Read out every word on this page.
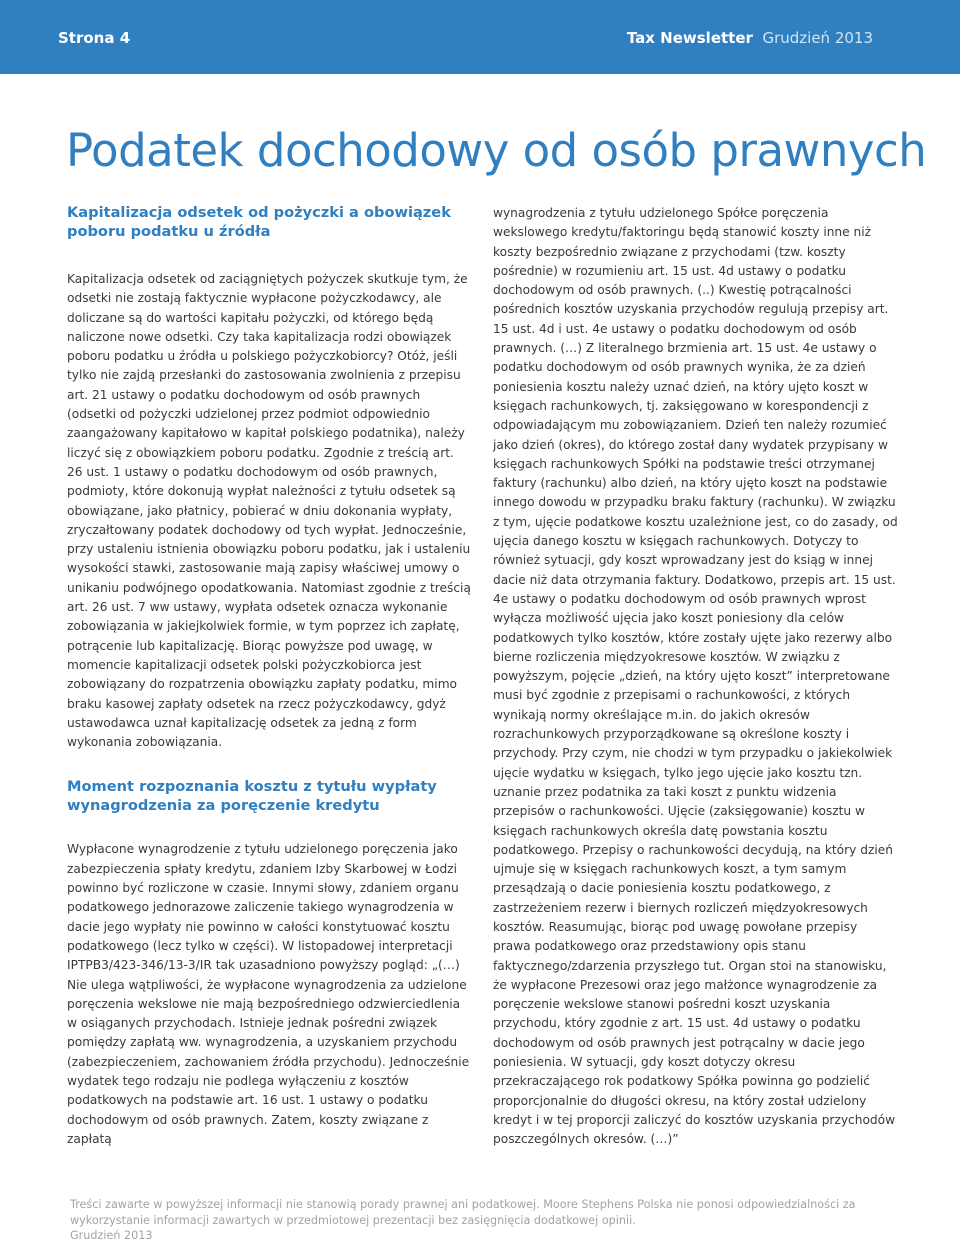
Strona 4	Tax Newsletter Grudzień 2013
Podatek dochodowy od osób prawnych
Kapitalizacja odsetek od pożyczki a obowiązek poboru podatku u źródła

Kapitalizacja odsetek od zaciągniętych pożyczek skutkuje tym, że odsetki nie zostają faktycznie wypłacone pożyczkodawcy, ale doliczane są do wartości kapitału pożyczki, od którego będą naliczone nowe odsetki. Czy taka kapitalizacja rodzi obowiązek poboru podatku u źródła u polskiego pożyczkobiorcy? Otóż, jeśli tylko nie zajdą przesłanki do zastosowania zwolnienia z przepisu art. 21 ustawy o podatku dochodowym od osób prawnych (odsetki od pożyczki udzielonej przez podmiot odpowiednio zaangażowany kapitałowo w kapitał polskiego podatnika), należy liczyć się z obowiązkiem poboru podatku. Zgodnie z treścią art. 26 ust. 1 ustawy o podatku dochodowym od osób prawnych, podmioty, które dokonują wypłat należności z tytułu odsetek są obowiązane, jako płatnicy, pobierać w dniu dokonania wypłaty, zryczałtowany podatek dochodowy od tych wypłat. Jednocześnie, przy ustaleniu istnienia obowiązku poboru podatku, jak i ustaleniu wysokości stawki, zastosowanie mają zapisy właściwej umowy o unikaniu podwójnego opodatkowania. Natomiast zgodnie z treścią art. 26 ust. 7 ww ustawy, wypłata odsetek oznacza wykonanie zobowiązania w jakiejkolwiek formie, w tym poprzez ich zapłatę, potrącenie lub kapitalizację. Biorąc powyższe pod uwagę, w momencie kapitalizacji odsetek polski pożyczkobiorca jest zobowiązany do rozpatrzenia obowiązku zapłaty podatku, mimo braku kasowej zapłaty odsetek na rzecz pożyczkodawcy, gdyż ustawodawca uznał kapitalizację odsetek za jedną z form wykonania zobowiązania.

Moment rozpoznania kosztu z tytułu wypłaty wynagrodzenia za poręczenie kredytu

Wypłacone wynagrodzenie z tytułu udzielonego poręczenia jako zabezpieczenia spłaty kredytu, zdaniem Izby Skarbowej w Łodzi powinno być rozliczone w czasie. Innymi słowy, zdaniem organu podatkowego jednorazowe zaliczenie takiego wynagrodzenia w dacie jego wypłaty nie powinno w całości konstytuować kosztu podatkowego (lecz tylko w części). W listopadowej interpretacji IPTPB3/423-346/13-3/IR tak uzasadniono powyższy pogląd: „(…) Nie ulega wątpliwości, że wypłacone wynagrodzenia za udzielone poręczenia wekslowe nie mają bezpośredniego odzwierciedlenia w osiąganych przychodach. Istnieje jednak pośredni związek pomiędzy zapłatą ww. wynagrodzenia, a uzyskaniem przychodu (zabezpieczeniem, zachowaniem źródła przychodu). Jednocześnie wydatek tego rodzaju nie podlega wyłączeniu z kosztów podatkowych na podstawie art. 16 ust. 1 ustawy o podatku dochodowym od osób prawnych. Zatem, koszty związane z zapłatą

wynagrodzenia z tytułu udzielonego Spółce poręczenia wekslowego kredytu/faktoringu będą stanowić koszty inne niż koszty bezpośrednio związane z przychodami (tzw. koszty pośrednie) w rozumieniu art. 15 ust. 4d ustawy o podatku dochodowym od osób prawnych. (..) Kwestię potrącalności pośrednich kosztów uzyskania przychodów regulują przepisy art. 15 ust. 4d i ust. 4e ustawy o podatku dochodowym od osób prawnych. (…) Z literalnego brzmienia art. 15 ust. 4e ustawy o podatku dochodowym od osób prawnych wynika, że za dzień poniesienia kosztu należy uznać dzień, na który ujęto koszt w księgach rachunkowych, tj. zaksięgowano w korespondencji z odpowiadającym mu zobowiązaniem. Dzień ten należy rozumieć jako dzień (okres), do którego został dany wydatek przypisany w księgach rachunkowych Spółki na podstawie treści otrzymanej faktury (rachunku) albo dzień, na który ujęto koszt na podstawie innego dowodu w przypadku braku faktury (rachunku). W związku z tym, ujęcie podatkowe kosztu uzależnione jest, co do zasady, od ujęcia danego kosztu w księgach rachunkowych. Dotyczy to również sytuacji, gdy koszt wprowadzany jest do ksiąg w innej dacie niż data otrzymania faktury. Dodatkowo, przepis art. 15 ust. 4e ustawy o podatku dochodowym od osób prawnych wprost wyłącza możliwość ujęcia jako koszt poniesiony dla celów podatkowych tylko kosztów, które zostały ujęte jako rezerwy albo bierne rozliczenia międzyokresowe kosztów. W związku z powyższym, pojęcie „dzień, na który ujęto koszt” interpretowane musi być zgodnie z przepisami o rachunkowości, z których wynikają normy określające m.in. do jakich okresów rozrachunkowych przyporządkowane są określone koszty i przychody. Przy czym, nie chodzi w tym przypadku o jakiekolwiek ujęcie wydatku w księgach, tylko jego ujęcie jako kosztu tzn. uznanie przez podatnika za taki koszt z punktu widzenia przepisów o rachunkowości. Ujęcie (zaksięgowanie) kosztu w księgach rachunkowych określa datę powstania kosztu podatkowego. Przepisy o rachunkowości decydują, na który dzień ujmuje się w księgach rachunkowych koszt, a tym samym przesądzają o dacie poniesienia kosztu podatkowego, z zastrzeżeniem rezerw i biernych rozliczeń międzyokresowych kosztów. Reasumując, biorąc pod uwagę powołane przepisy prawa podatkowego oraz przedstawiony opis stanu faktycznego/zdarzenia przyszłego tut. Organ stoi na stanowisku, że wypłacone Prezesowi oraz jego małżonce wynagrodzenie za poręczenie wekslowe stanowi pośredni koszt uzyskania przychodu, który zgodnie z art. 15 ust. 4d ustawy o podatku dochodowym od osób prawnych jest potrącalny w dacie jego poniesienia. W sytuacji, gdy koszt dotyczy okresu przekraczającego rok podatkowy Spółka powinna go podzielić proporcjonalnie do długości okresu, na który został udzielony kredyt i w tej proporcji zaliczyć do kosztów uzyskania przychodów poszczególnych okresów. (…)”

Treści zawarte w powyższej informacji nie stanowią porady prawnej ani podatkowej. Moore Stephens Polska nie ponosi odpowiedzialności za wykorzystanie informacji zawartych w przedmiotowej prezentacji bez zasięgnięcia dodatkowej opinii.
Grudzień 2013
